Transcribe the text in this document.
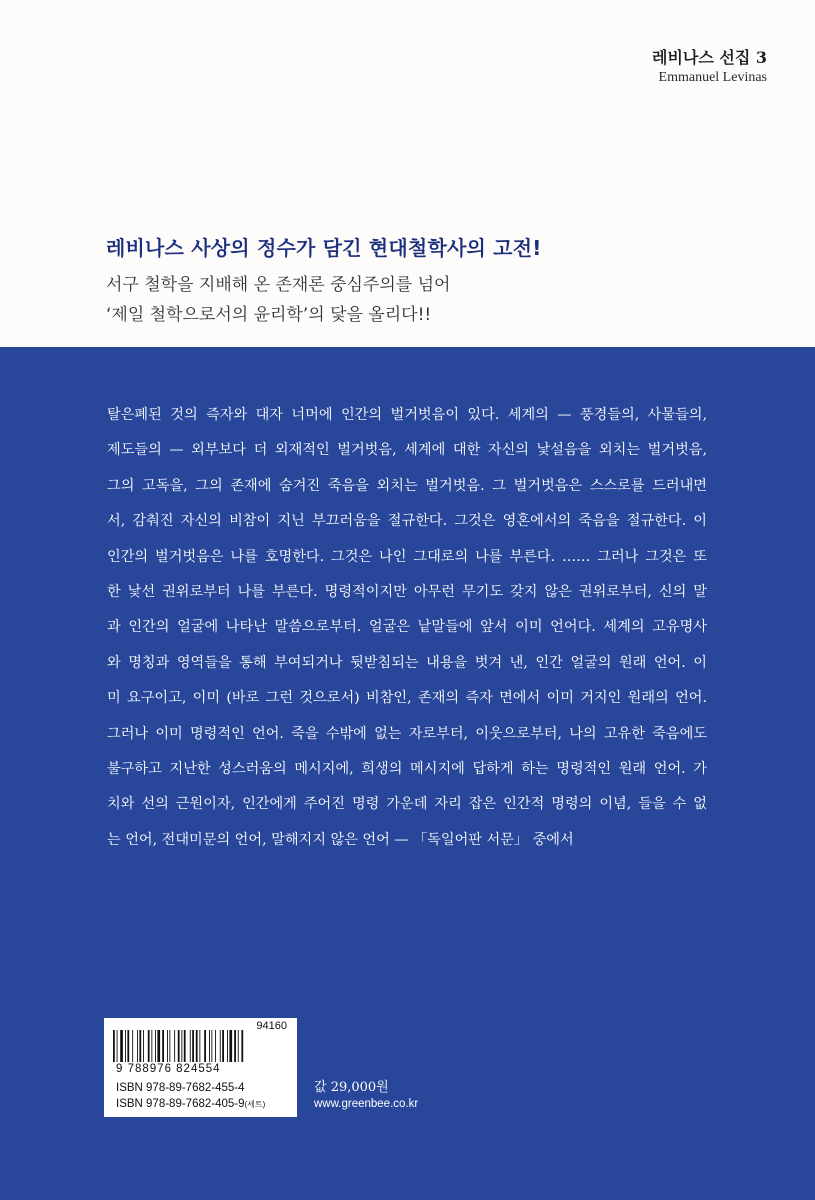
레비나스 선집 3
Emmanuel Levinas
레비나스 사상의 정수가 담긴 현대철학사의 고전!
서구 철학을 지배해 온 존재론 중심주의를 넘어
‘제일 철학으로서의 윤리학’의 닻을 올리다!!
탈은폐된 것의 즉자와 대자 너머에 인간의 벌거벗음이 있다. 세계의 — 풍경들의, 사물들의,
제도들의 — 외부보다 더 외재적인 벌거벗음, 세계에 대한 자신의 낯설음을 외치는 벌거벗음,
그의 고독을, 그의 존재에 숨겨진 죽음을 외치는 벌거벗음. 그 벌거벗음은 스스로를 드러내면
서, 감춰진 자신의 비참이 지닌 부끄러움을 절규한다. 그것은 영혼에서의 죽음을 절규한다. 이
인간의 벌거벗음은 나를 호명한다. 그것은 나인 그대로의 나를 부른다. …… 그러나 그것은 또
한 낯선 권위로부터 나를 부른다. 명령적이지만 아무런 무기도 갖지 않은 권위로부터, 신의 말
과 인간의 얼굴에 나타난 말씀으로부터. 얼굴은 낱말들에 앞서 이미 언어다. 세계의 고유명사
와 명칭과 영역들을 통해 부여되거나 뒷받침되는 내용을 벗겨 낸, 인간 얼굴의 원래 언어. 이
미 요구이고, 이미 (바로 그런 것으로서) 비참인, 존재의 즉자 면에서 이미 거지인 원래의 언어.
그러나 이미 명령적인 언어. 죽을 수밖에 없는 자로부터, 이웃으로부터, 나의 고유한 죽음에도
불구하고 지난한 성스러움의 메시지에, 희생의 메시지에 답하게 하는 명령적인 원래 언어. 가
치와 선의 근원이자, 인간에게 주어진 명령 가운데 자리 잡은 인간적 명령의 이념, 들을 수 없
는 언어, 전대미문의 언어, 말해지지 않은 언어 — 「독일어판 서문」 중에서
94160
9 788976 824554
ISBN 978-89-7682-455-4
ISBN 978-89-7682-405-9(세트)
값 29,000원
www.greenbee.co.kr
